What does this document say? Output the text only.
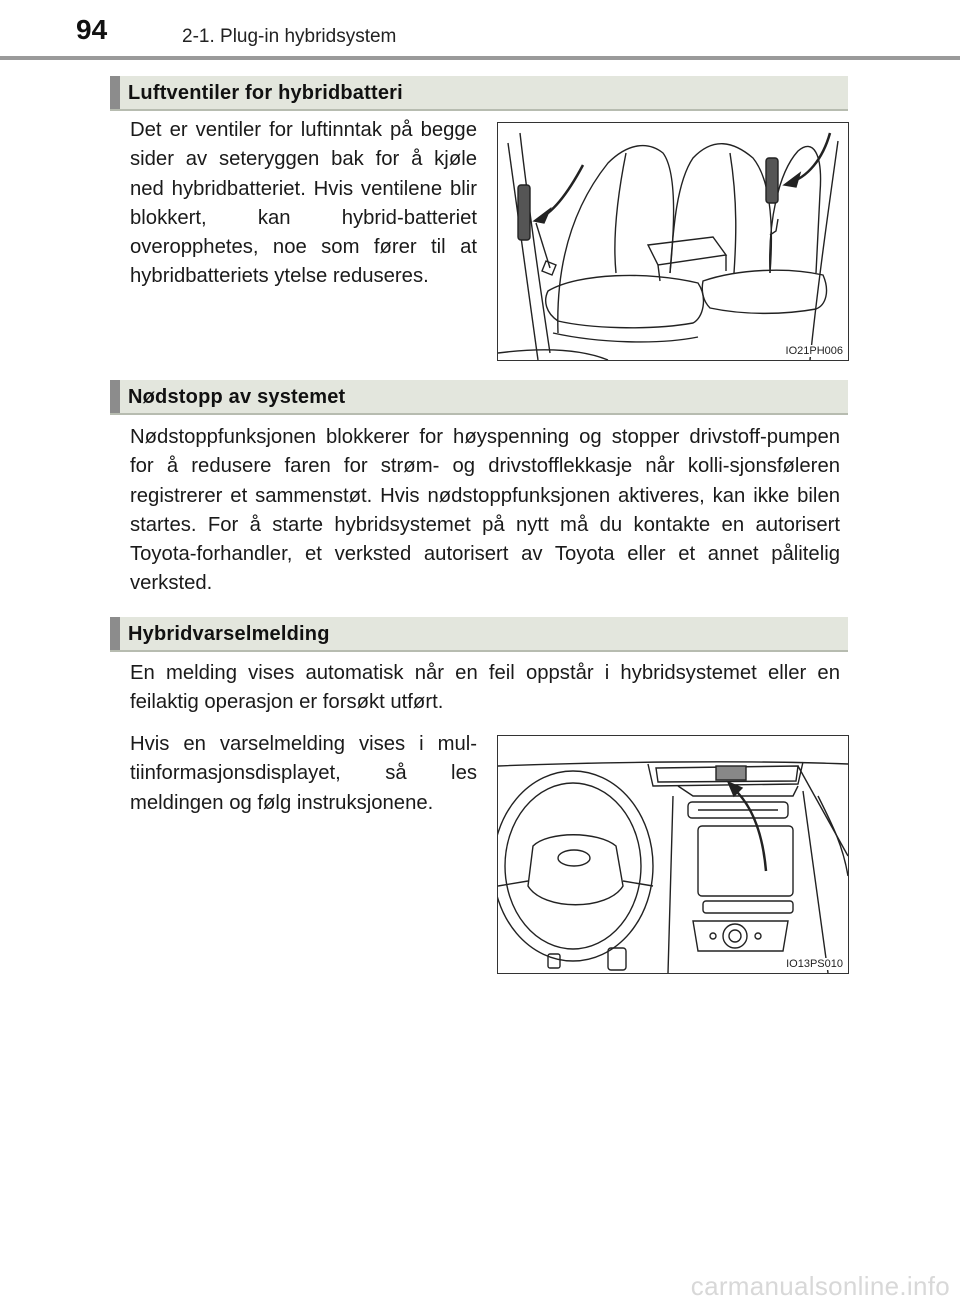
94	2-1. Plug-in hybridsystem
Luftventiler for hybridbatteri

Det er ventiler for luftinntak på begge sider av seteryggen bak for å kjøle ned hybridbatteriet. Hvis ventilene blir blokkert, kan hybrid-batteriet overopphetes, noe som fører til at hybridbatteriets ytelse reduseres.

IO21PH006
Nødstopp av systemet

Nødstoppfunksjonen blokkerer for høyspenning og stopper drivstoff-pumpen for å redusere faren for strøm- og drivstofflekkasje når kolli-sjonsføleren registrerer et sammenstøt. Hvis nødstoppfunksjonen aktiveres, kan ikke bilen startes. For å starte hybridsystemet på nytt må du kontakte en autorisert Toyota-forhandler, et verksted autorisert av Toyota eller et annet pålitelig verksted.

Hybridvarselmelding

En melding vises automatisk når en feil oppstår i hybridsystemet eller en feilaktig operasjon er forsøkt utført.

Hvis en varselmelding vises i mul-tiinformasjonsdisplayet, så les meldingen og følg instruksjonene.

IO13PS010
carmanualsonline.info
